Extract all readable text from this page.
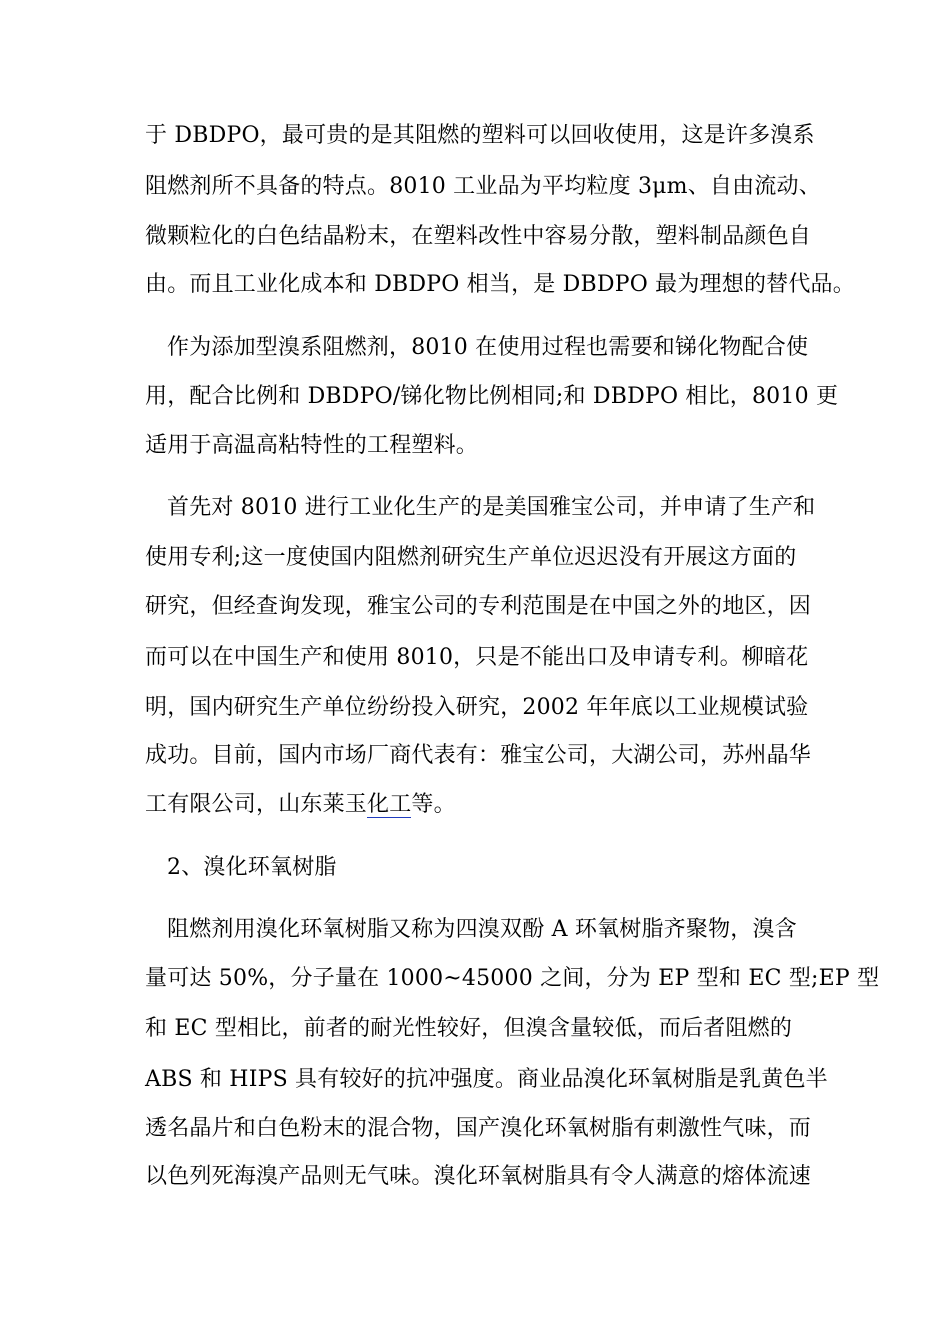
于 DBDPO，最可贵的是其阻燃的塑料可以回收使用，这是许多溴系
阻燃剂所不具备的特点。8010 工业品为平均粒度 3μm、自由流动、
微颗粒化的白色结晶粉末，在塑料改性中容易分散，塑料制品颜色自
由。而且工业化成本和 DBDPO 相当，是 DBDPO 最为理想的替代品。
作为添加型溴系阻燃剂，8010 在使用过程也需要和锑化物配合使
用，配合比例和 DBDPO/锑化物比例相同;和 DBDPO 相比，8010 更
适用于高温高粘特性的工程塑料。
首先对 8010 进行工业化生产的是美国雅宝公司，并申请了生产和
使用专利;这一度使国内阻燃剂研究生产单位迟迟没有开展这方面的
研究，但经查询发现，雅宝公司的专利范围是在中国之外的地区，因
而可以在中国生产和使用 8010，只是不能出口及申请专利。柳暗花
明，国内研究生产单位纷纷投入研究，2002 年年底以工业规模试验
成功。目前，国内市场厂商代表有：雅宝公司，大湖公司，苏州晶华
工有限公司，山东莱玉化工等。
2、溴化环氧树脂
阻燃剂用溴化环氧树脂又称为四溴双酚 A 环氧树脂齐聚物，溴含
量可达 50%，分子量在 1000~45000 之间，分为 EP 型和 EC 型;EP 型
和 EC 型相比，前者的耐光性较好，但溴含量较低，而后者阻燃的
ABS 和 HIPS 具有较好的抗冲强度。商业品溴化环氧树脂是乳黄色半
透名晶片和白色粉末的混合物，国产溴化环氧树脂有刺激性气味，而
以色列死海溴产品则无气味。溴化环氧树脂具有令人满意的熔体流速
